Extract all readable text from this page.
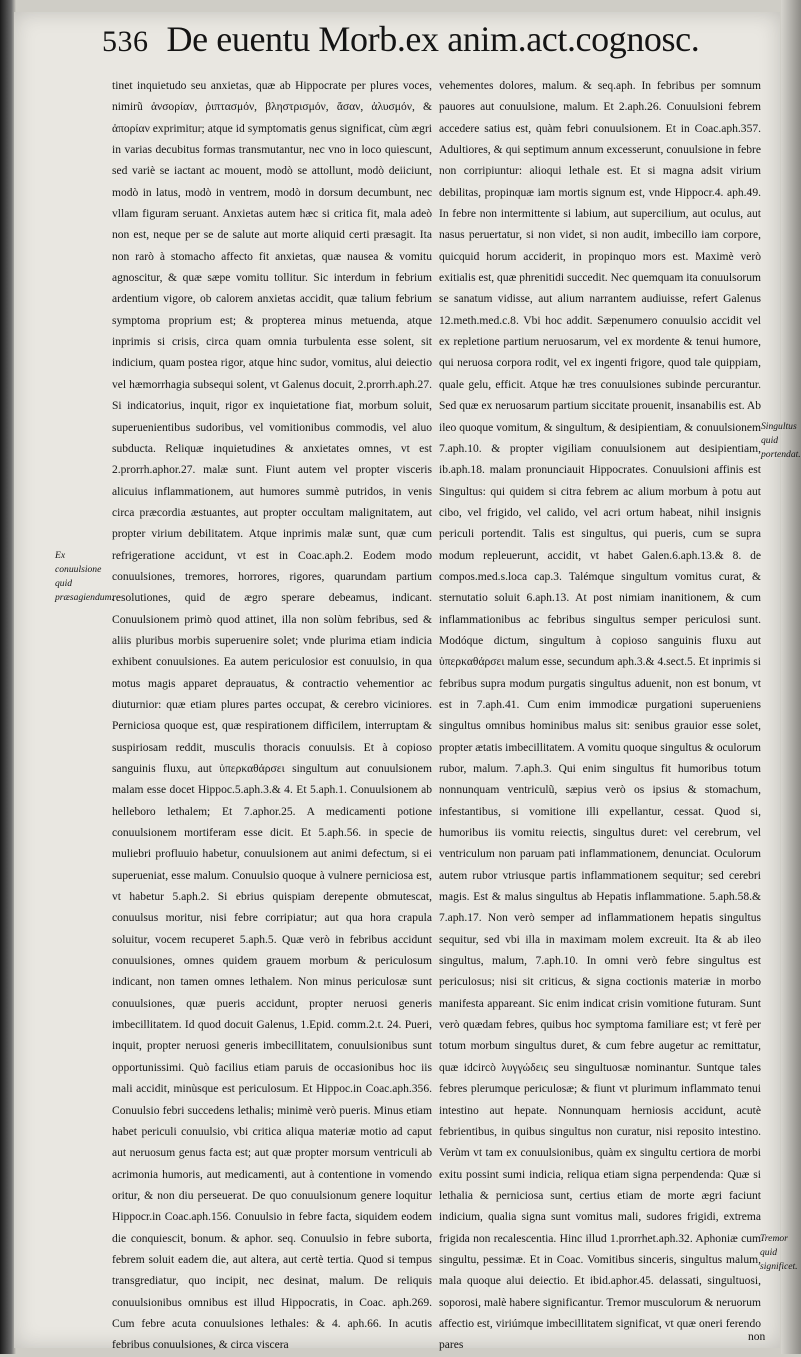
536 De euentu Morb.ex anim.act.cognosc.

tinet inquietudo seu anxietas, quæ ab Hippocrate per plures voces, nimirũ ἀνσορίαν, ῥιπτασμόν, βληστρισμόν, ἄσαν, ἀλυσμόν, & ἀπορίαν exprimitur; atque id symptomatis genus significat, cùm ægri in varias decubitus formas transmutantur, nec vno in loco quiescunt, sed variè se iactant ac mouent, modò se attollunt, modò deiiciunt, modò in latus, modò in ventrem, modò in dorsum decumbunt, nec vllam figuram seruant. Anxietas autem hæc si critica fit, mala adeò non est, neque per se de salute aut morte aliquid certi præsagit. Ita non rarò à stomacho affecto fit anxietas, quæ nausea & vomitu agnoscitur, & quæ sæpe vomitu tollitur. Sic interdum in febrium ardentium vigore, ob calorem anxietas accidit, quæ talium febrium symptoma proprium est; & propterea minus metuenda, atque inprimis si crisis, circa quam omnia turbulenta esse solent, sit indicium, quam postea rigor, atque hinc sudor, vomitus, alui deiectio vel hæmorrhagia subsequi solent, vt Galenus docuit, 2.prorrh.aph.27. Si indicatorius, inquit, rigor ex inquietatione fiat, morbum soluit, superuenientibus sudoribus, vel vomitionibus commodis, vel aluo subducta. Reliquæ inquietudines & anxietates omnes, vt est 2.prorrh.aphor.27. malæ sunt. Fiunt autem vel propter visceris alicuius inflammationem, aut humores summè putridos, in venis circa præcordia æstuantes, aut propter occultam malignitatem, aut propter virium debilitatem. Atque inprimis malæ sunt, quæ cum refrigeratione accidunt, vt est in Coac.aph.2. Eodem modo conuulsiones, tremores, horrores, rigores, quarundam partium resolutiones, quid de ægro sperare debeamus, indicant. Conuulsionem primò quod attinet, illa non solùm febribus, sed & aliis pluribus morbis superuenire solet; vnde plurima etiam indicia exhibent conuulsiones. Ea autem periculosior est conuulsio, in qua motus magis apparet deprauatus, & contractio vehementior ac diuturnior: quæ etiam plures partes occupat, & cerebro viciniores. Perniciosa quoque est, quæ respirationem difficilem, interruptam & suspiriosam reddit, musculis thoracis conuulsis. Et à copioso sanguinis fluxu, aut ὑπερκαθάρσει singultum aut conuulsionem malam esse docet Hippoc.5.aph.3.& 4. Et 5.aph.1. Conuulsionem ab helleboro lethalem; Et 7.aphor.25. A medicamenti potione conuulsionem mortiferam esse dicit. Et 5.aph.56. in specie de muliebri profluuio habetur, conuulsionem aut animi defectum, si ei superueniat, esse malum. Conuulsio quoque à vulnere perniciosa est, vt habetur 5.aph.2. Si ebrius quispiam derepente obmutescat, conuulsus moritur, nisi febre corripiatur; aut qua hora crapula soluitur, vocem recuperet 5.aph.5. Quæ verò in febribus accidunt conuulsiones, omnes quidem grauem morbum & periculosum indicant, non tamen omnes lethalem. Non minus periculosæ sunt conuulsiones, quæ pueris accidunt, propter neruosi generis imbecillitatem. Id quod docuit Galenus, 1.Epid. comm.2.t. 24. Pueri, inquit, propter neruosi generis imbecillitatem, conuulsionibus sunt opportunissimi. Quò facilius etiam paruis de occasionibus hoc iis mali accidit, minùsque est periculosum. Et Hippoc.in Coac.aph.356. Conuulsio febri succedens lethalis; minimè verò pueris. Minus etiam habet periculi conuulsio, vbi critica aliqua materiæ motio ad caput aut neruosum genus facta est; aut quæ propter morsum ventriculi ab acrimonia humoris, aut medicamenti, aut à contentione in vomendo oritur, & non diu perseuerat. De quo conuulsionum genere loquitur Hippocr.in Coac.aph.156. Conuulsio in febre facta, siquidem eodem die conquiescit, bonum. & aphor. seq. Conuulsio in febre suborta, febrem soluit eadem die, aut altera, aut certè tertia. Quod si tempus transgrediatur, quo incipit, nec desinat, malum. De reliquis conuulsionibus omnibus est illud Hippocratis, in Coac. aph.269. Cum febre acuta conuulsiones lethales: & 4. aph.66. In acutis febribus conuulsiones, & circa viscera

vehementes dolores, malum. & seq.aph. In febribus per somnum pauores aut conuulsione, malum. Et 2.aph.26. Conuulsioni febrem accedere satius est, quàm febri conuulsionem. Et in Coac.aph.357. Adultiores, & qui septimum annum excesserunt, conuulsione in febre non corripiuntur: alioqui lethale est. Et si magna adsit virium debilitas, propinquæ iam mortis signum est, vnde Hippocr.4. aph.49. In febre non intermittente si labium, aut supercilium, aut oculus, aut nasus peruertatur, si non videt, si non audit, imbecillo iam corpore, quicquid horum acciderit, in propinquo mors est. Maximè verò exitialis est, quæ phrenitidi succedit. Nec quemquam ita conuulsorum se sanatum vidisse, aut alium narrantem audiuisse, refert Galenus 12.meth.med.c.8. Vbi hoc addit. Sæpenumero conuulsio accidit vel ex repletione partium neruosarum, vel ex mordente & tenui humore, qui neruosa corpora rodit, vel ex ingenti frigore, quod tale quippiam, quale gelu, efficit. Atque hæ tres conuulsiones subinde percurantur. Sed quæ ex neruosarum partium siccitate prouenit, insanabilis est. Ab ileo quoque vomitum, & singultum, & desipientiam, & conuulsionem 7.aph.10. & propter vigiliam conuulsionem aut desipientiam, ib.aph.18. malam pronunciauit Hippocrates. Conuulsioni affinis est Singultus: qui quidem si citra febrem ac alium morbum à potu aut cibo, vel frigido, vel calido, vel acri ortum habeat, nihil insignis periculi portendit. Talis est singultus, qui pueris, cum se supra modum repleuerunt, accidit, vt habet Galen.6.aph.13.& 8. de compos.med.s.loca cap.3. Talémque singultum vomitus curat, & sternutatio soluit 6.aph.13. At post nimiam inanitionem, & cum inflammationibus ac febribus singultus semper periculosi sunt. Modóque dictum, singultum à copioso sanguinis fluxu aut ὑπερκαθάρσει malum esse, secundum aph.3.& 4.sect.5. Et inprimis si febribus supra modum purgatis singultus aduenit, non est bonum, vt est in 7.aph.41. Cum enim immodicæ purgationi superueniens singultus omnibus hominibus malus sit: senibus grauior esse solet, propter ætatis imbecillitatem. A vomitu quoque singultus & oculorum rubor, malum. 7.aph.3. Qui enim singultus fit humoribus totum nonnunquam ventriculũ, sæpius verò os ipsius & stomachum, infestantibus, si vomitione illi expellantur, cessat. Quod si, humoribus iis vomitu reiectis, singultus duret: vel cerebrum, vel ventriculum non paruam pati inflammationem, denunciat. Oculorum autem rubor vtriusque partis inflammationem sequitur; sed cerebri magis. Est & malus singultus ab Hepatis inflammatione. 5.aph.58.& 7.aph.17. Non verò semper ad inflammationem hepatis singultus sequitur, sed vbi illa in maximam molem excreuit. Ita & ab ileo singultus, malum, 7.aph.10. In omni verò febre singultus est periculosus; nisi sit criticus, & signa coctionis materiæ in morbo manifesta appareant. Sic enim indicat crisin vomitione futuram. Sunt verò quædam febres, quibus hoc symptoma familiare est; vt ferè per totum morbum singultus duret, & cum febre augetur ac remittatur, quæ idcircò λυγγώδεις seu singultuosæ nominantur. Suntque tales febres plerumque periculosæ; & fiunt vt plurimum inflammato tenui intestino aut hepate. Nonnunquam herniosis accidunt, acutè febrientibus, in quibus singultus non curatur, nisi reposito intestino. Verùm vt tam ex conuulsionibus, quàm ex singultu certiora de morbi exitu possint sumi indicia, reliqua etiam signa perpendenda: Quæ si lethalia & perniciosa sunt, certius etiam de morte ægri faciunt indicium, qualia signa sunt vomitus mali, sudores frigidi, extrema frigida non recalescentia. Hinc illud 1.prorrhet.aph.32. Aphoniæ cum singultu, pessimæ. Et in Coac. Vomitibus sinceris, singultus malum, mala quoque alui deiectio. Et ibid.aphor.45. delassati, singultuosi, soporosi, malè habere significantur. Tremor musculorum & neruorum affectio est, viriúmque imbecillitatem significat, vt quæ oneri ferendo pares

Ex conuulsione quid præsagiendum.
Singultus quid portendat.
Tremor quid significet.
non
